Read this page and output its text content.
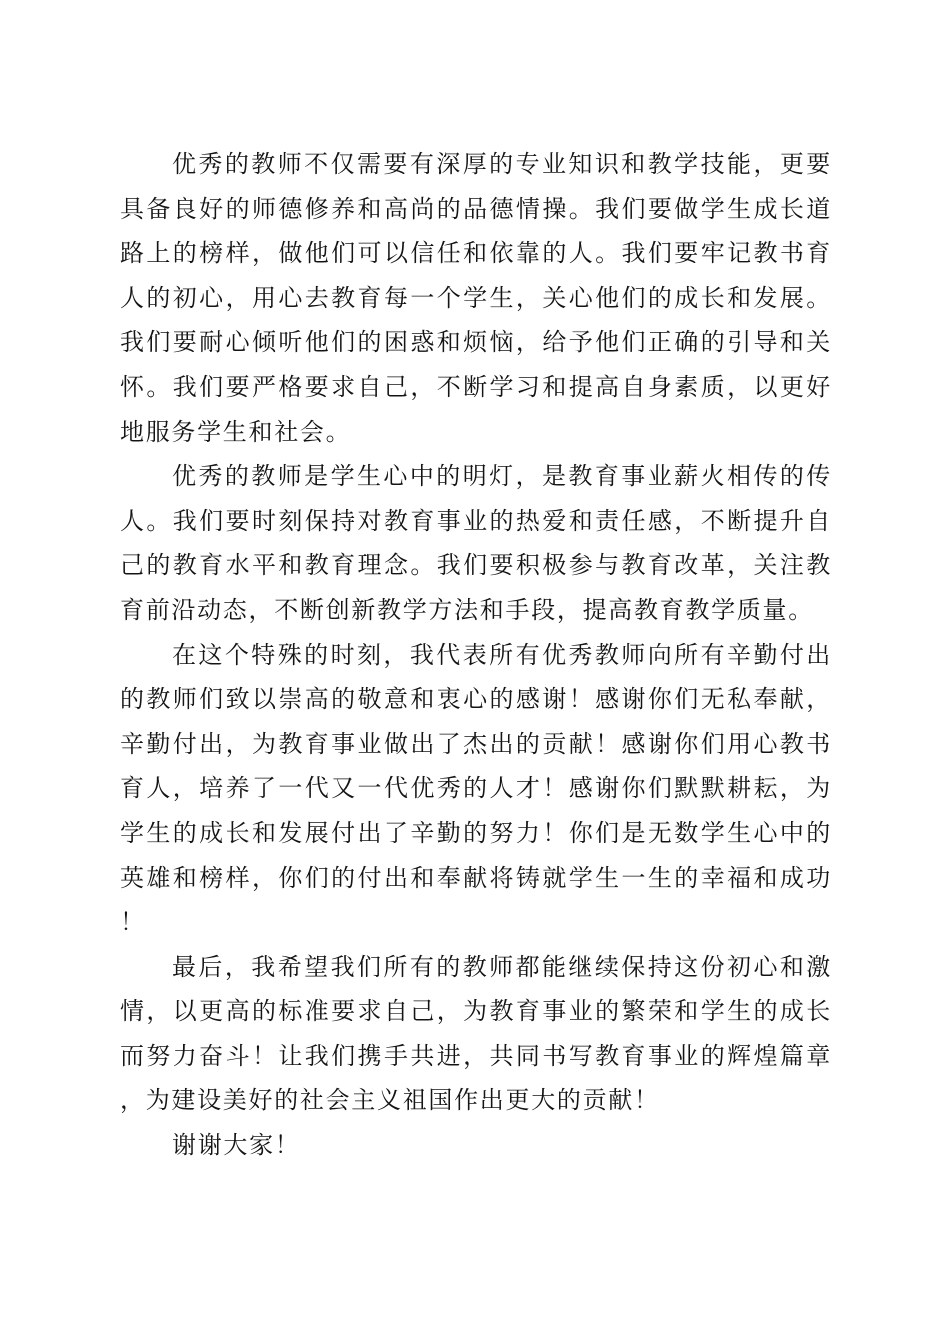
优秀的教师不仅需要有深厚的专业知识和教学技能，更要具备良好的师德修养和高尚的品德情操。我们要做学生成长道路上的榜样，做他们可以信任和依靠的人。我们要牢记教书育人的初心，用心去教育每一个学生，关心他们的成长和发展。我们要耐心倾听他们的困惑和烦恼，给予他们正确的引导和关怀。我们要严格要求自己，不断学习和提高自身素质，以更好地服务学生和社会。

优秀的教师是学生心中的明灯，是教育事业薪火相传的传人。我们要时刻保持对教育事业的热爱和责任感，不断提升自己的教育水平和教育理念。我们要积极参与教育改革，关注教育前沿动态，不断创新教学方法和手段，提高教育教学质量。

在这个特殊的时刻，我代表所有优秀教师向所有辛勤付出的教师们致以崇高的敬意和衷心的感谢！感谢你们无私奉献，辛勤付出，为教育事业做出了杰出的贡献！感谢你们用心教书育人，培养了一代又一代优秀的人才！感谢你们默默耕耘，为学生的成长和发展付出了辛勤的努力！你们是无数学生心中的英雄和榜样，你们的付出和奉献将铸就学生一生的幸福和成功！

最后，我希望我们所有的教师都能继续保持这份初心和激情，以更高的标准要求自己，为教育事业的繁荣和学生的成长而努力奋斗！让我们携手共进，共同书写教育事业的辉煌篇章，为建设美好的社会主义祖国作出更大的贡献！

谢谢大家！
